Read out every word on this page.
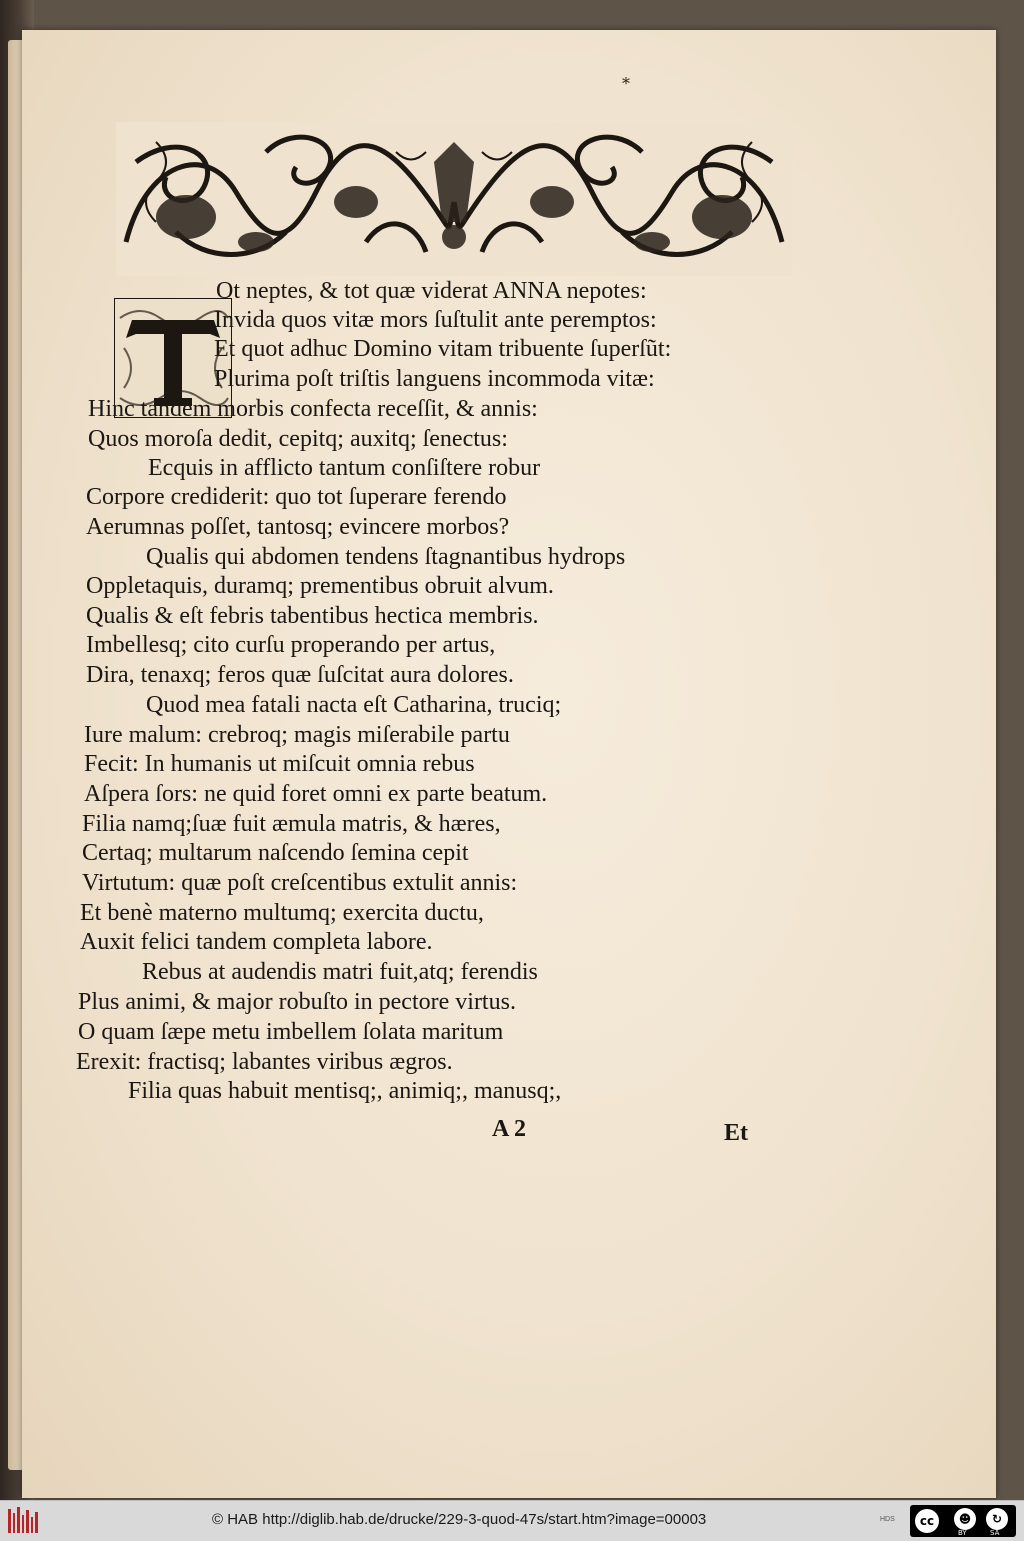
*
Ot neptes, & tot quæ viderat ANNA nepotes:
Invida quos vitæ mors ſuſtulit ante peremptos:
Et quot adhuc Domino vitam tribuente ſuperſũt:
Plurima poſt triſtis languens incommoda vitæ:
Hinc tandem morbis confecta receſſit, & annis:
Quos moroſa dedit, cepitq; auxitq; ſenectus:
Ecquis in afflicto tantum conſiſtere robur
Corpore crediderit: quo tot ſuperare ferendo
Aerumnas poſſet, tantosq; evincere morbos?
Qualis qui abdomen tendens ſtagnantibus hydrops
Oppletaquis, duramq; prementibus obruit alvum.
Qualis & eſt febris tabentibus hectica membris.
Imbellesq; cito curſu properando per artus,
Dira, tenaxq; feros quæ ſuſcitat aura dolores.
Quod mea fatali nacta eſt Catharina, truciq;
Iure malum: crebroq; magis miſerabile partu
Fecit: In humanis ut miſcuit omnia rebus
Aſpera ſors: ne quid foret omni ex parte beatum.
Filia namq;ſuæ fuit æmula matris, & hæres,
Certaq; multarum naſcendo ſemina cepit
Virtutum: quæ poſt creſcentibus extulit annis:
Et benè materno multumq; exercita ductu,
Auxit felici tandem completa labore.
Rebus at audendis matri fuit,atq; ferendis
Plus animi, & major robuſto in pectore virtus.
O quam ſæpe metu imbellem ſolata maritum
Erexit: fractisq; labantes viribus ægros.
Filia quas habuit mentisq;, animiq;, manusq;,
A 2	Et
© HAB http://diglib.hab.de/drucke/229-3-quod-47s/start.htm?image=00003	HDS	cc	☻	↻
BY	SA
